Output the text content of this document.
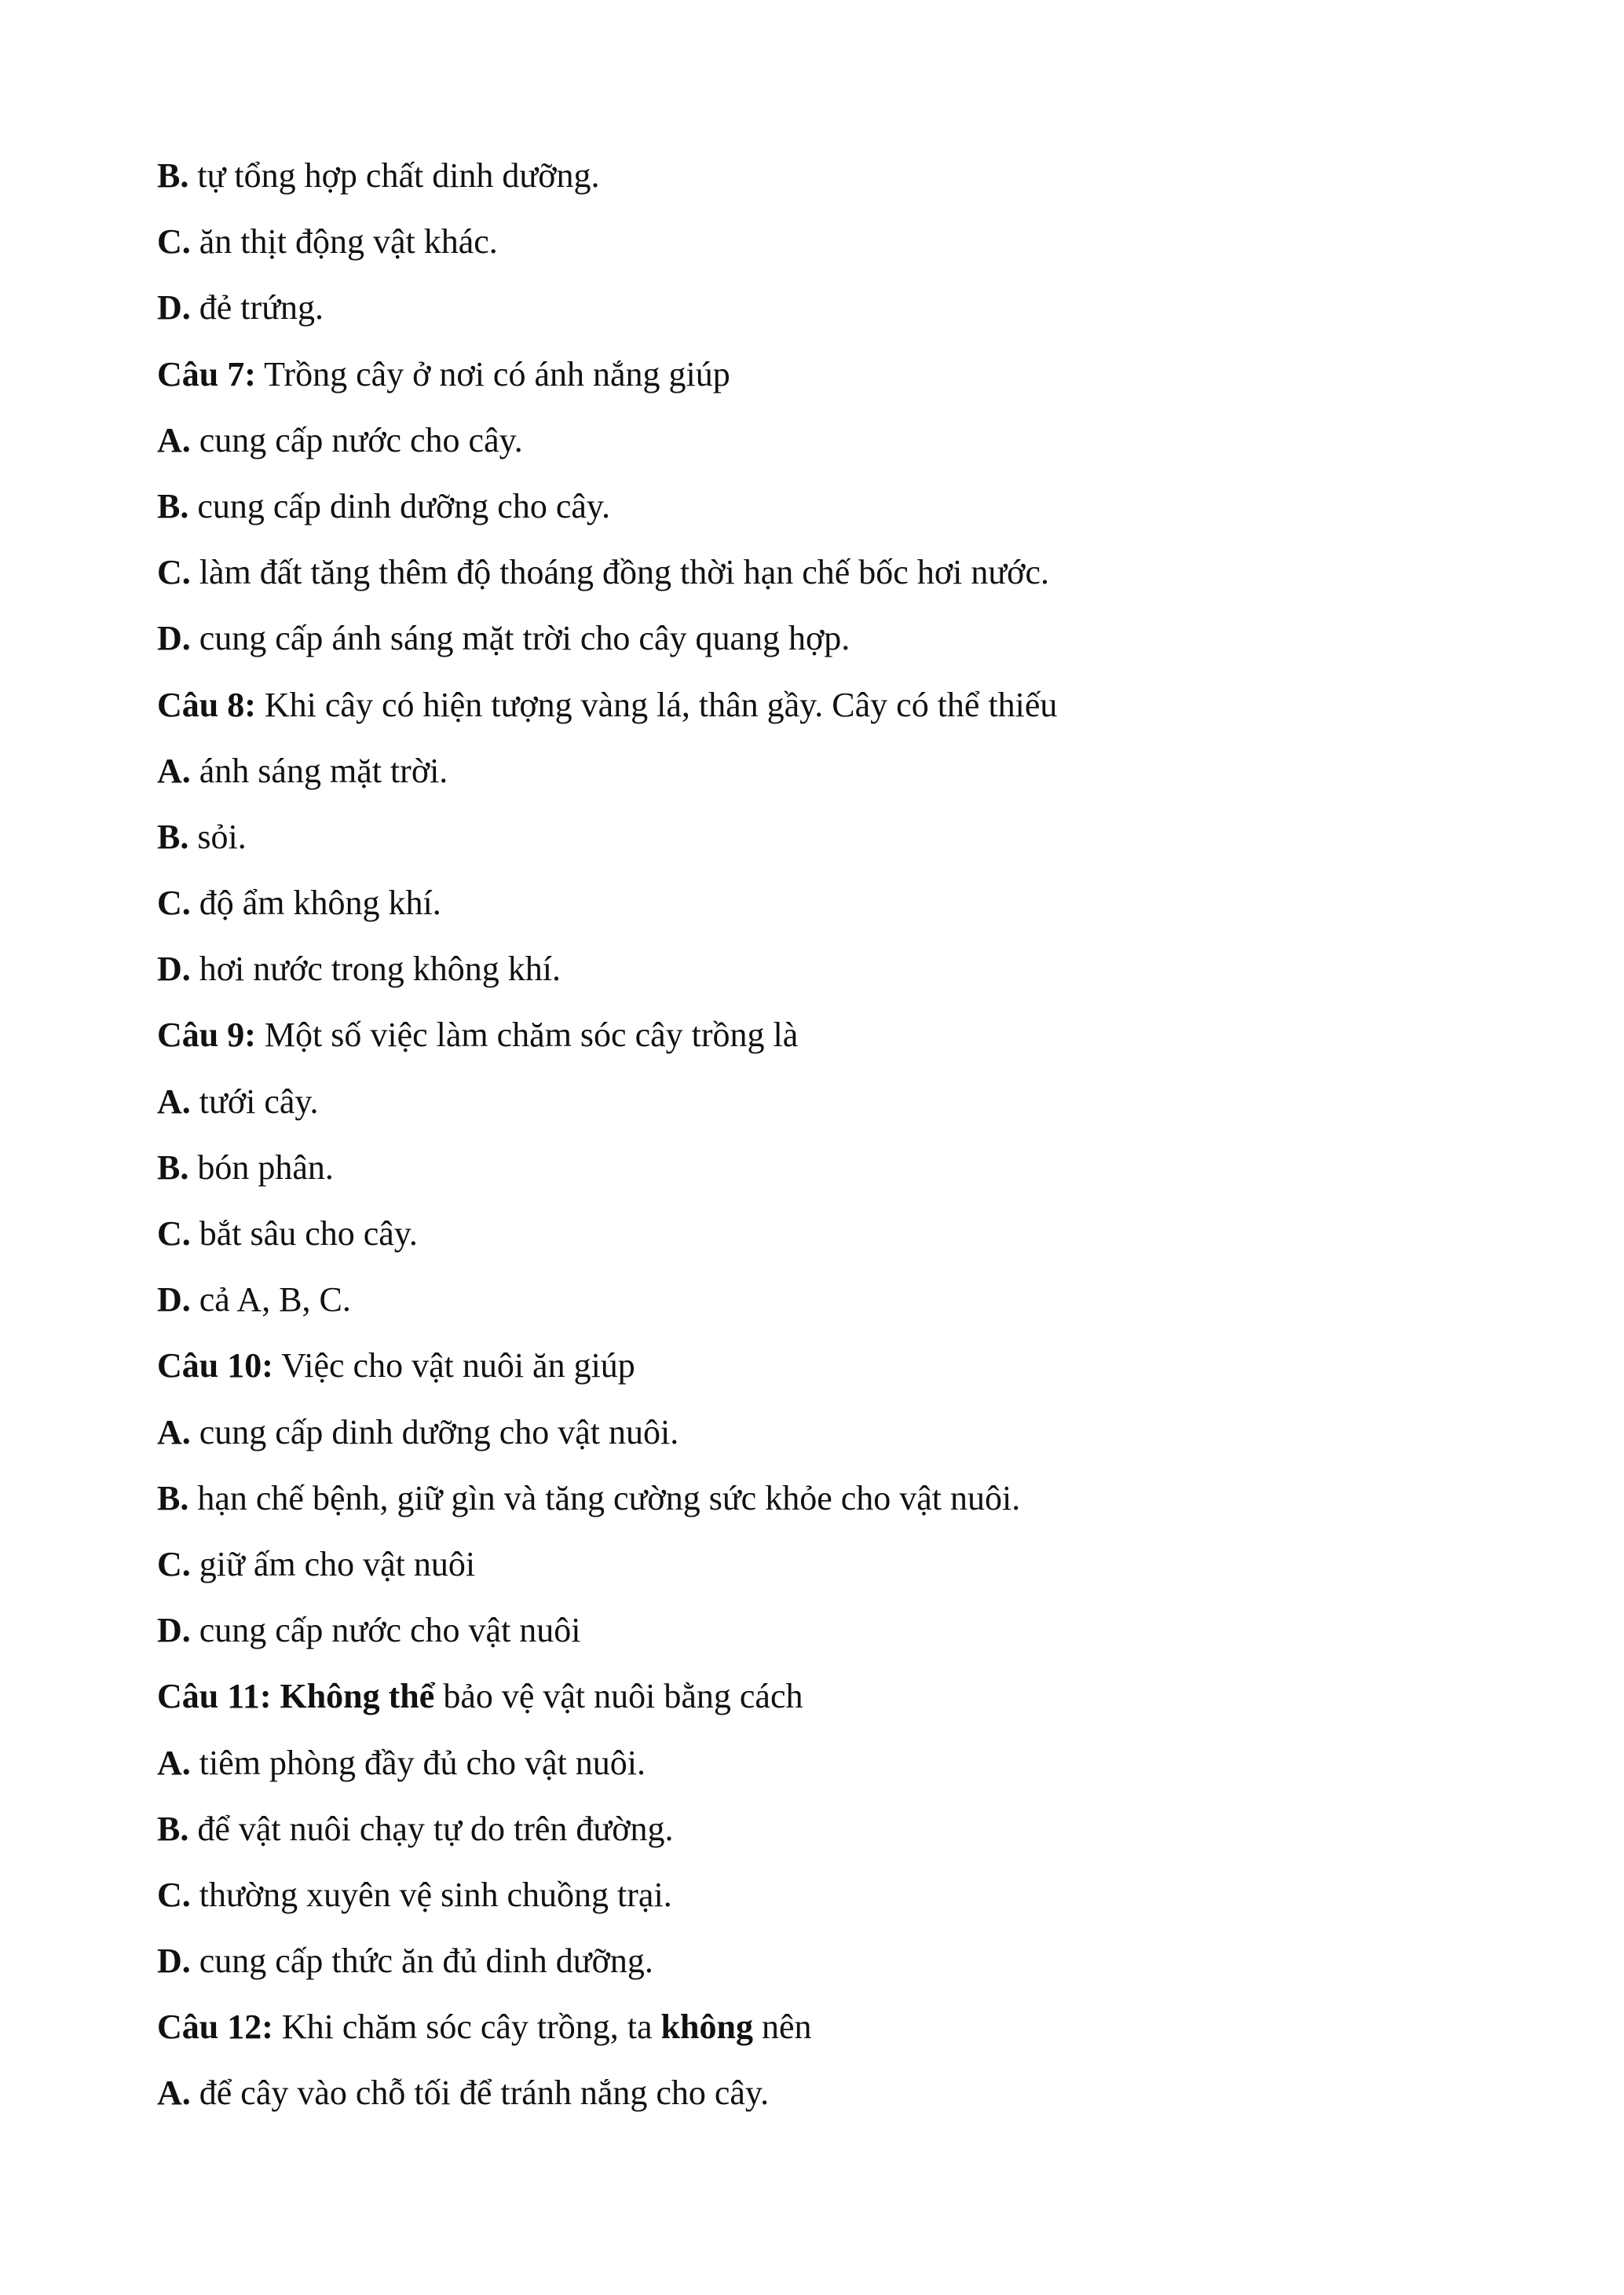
B. tự tổng hợp chất dinh dưỡng.
C. ăn thịt động vật khác.
D. đẻ trứng.
Câu 7: Trồng cây ở nơi có ánh nắng giúp
A. cung cấp nước cho cây.
B. cung cấp dinh dưỡng cho cây.
C. làm đất tăng thêm độ thoáng đồng thời hạn chế bốc hơi nước.
D. cung cấp ánh sáng mặt trời cho cây quang hợp.
Câu 8: Khi cây có hiện tượng vàng lá, thân gầy. Cây có thể thiếu
A. ánh sáng mặt trời.
B. sỏi.
C. độ ẩm không khí.
D. hơi nước trong không khí.
Câu 9: Một số việc làm chăm sóc cây trồng là
A. tưới cây.
B. bón phân.
C. bắt sâu cho cây.
D. cả A, B, C.
Câu 10: Việc cho vật nuôi ăn giúp
A. cung cấp dinh dưỡng cho vật nuôi.
B. hạn chế bệnh, giữ gìn và tăng cường sức khỏe cho vật nuôi.
C. giữ ấm cho vật nuôi
D. cung cấp nước cho vật nuôi
Câu 11: Không thể bảo vệ vật nuôi bằng cách
A. tiêm phòng đầy đủ cho vật nuôi.
B. để vật nuôi chạy tự do trên đường.
C. thường xuyên vệ sinh chuồng trại.
D. cung cấp thức ăn đủ dinh dưỡng.
Câu 12: Khi chăm sóc cây trồng, ta không nên
A. để cây vào chỗ tối để tránh nắng cho cây.
